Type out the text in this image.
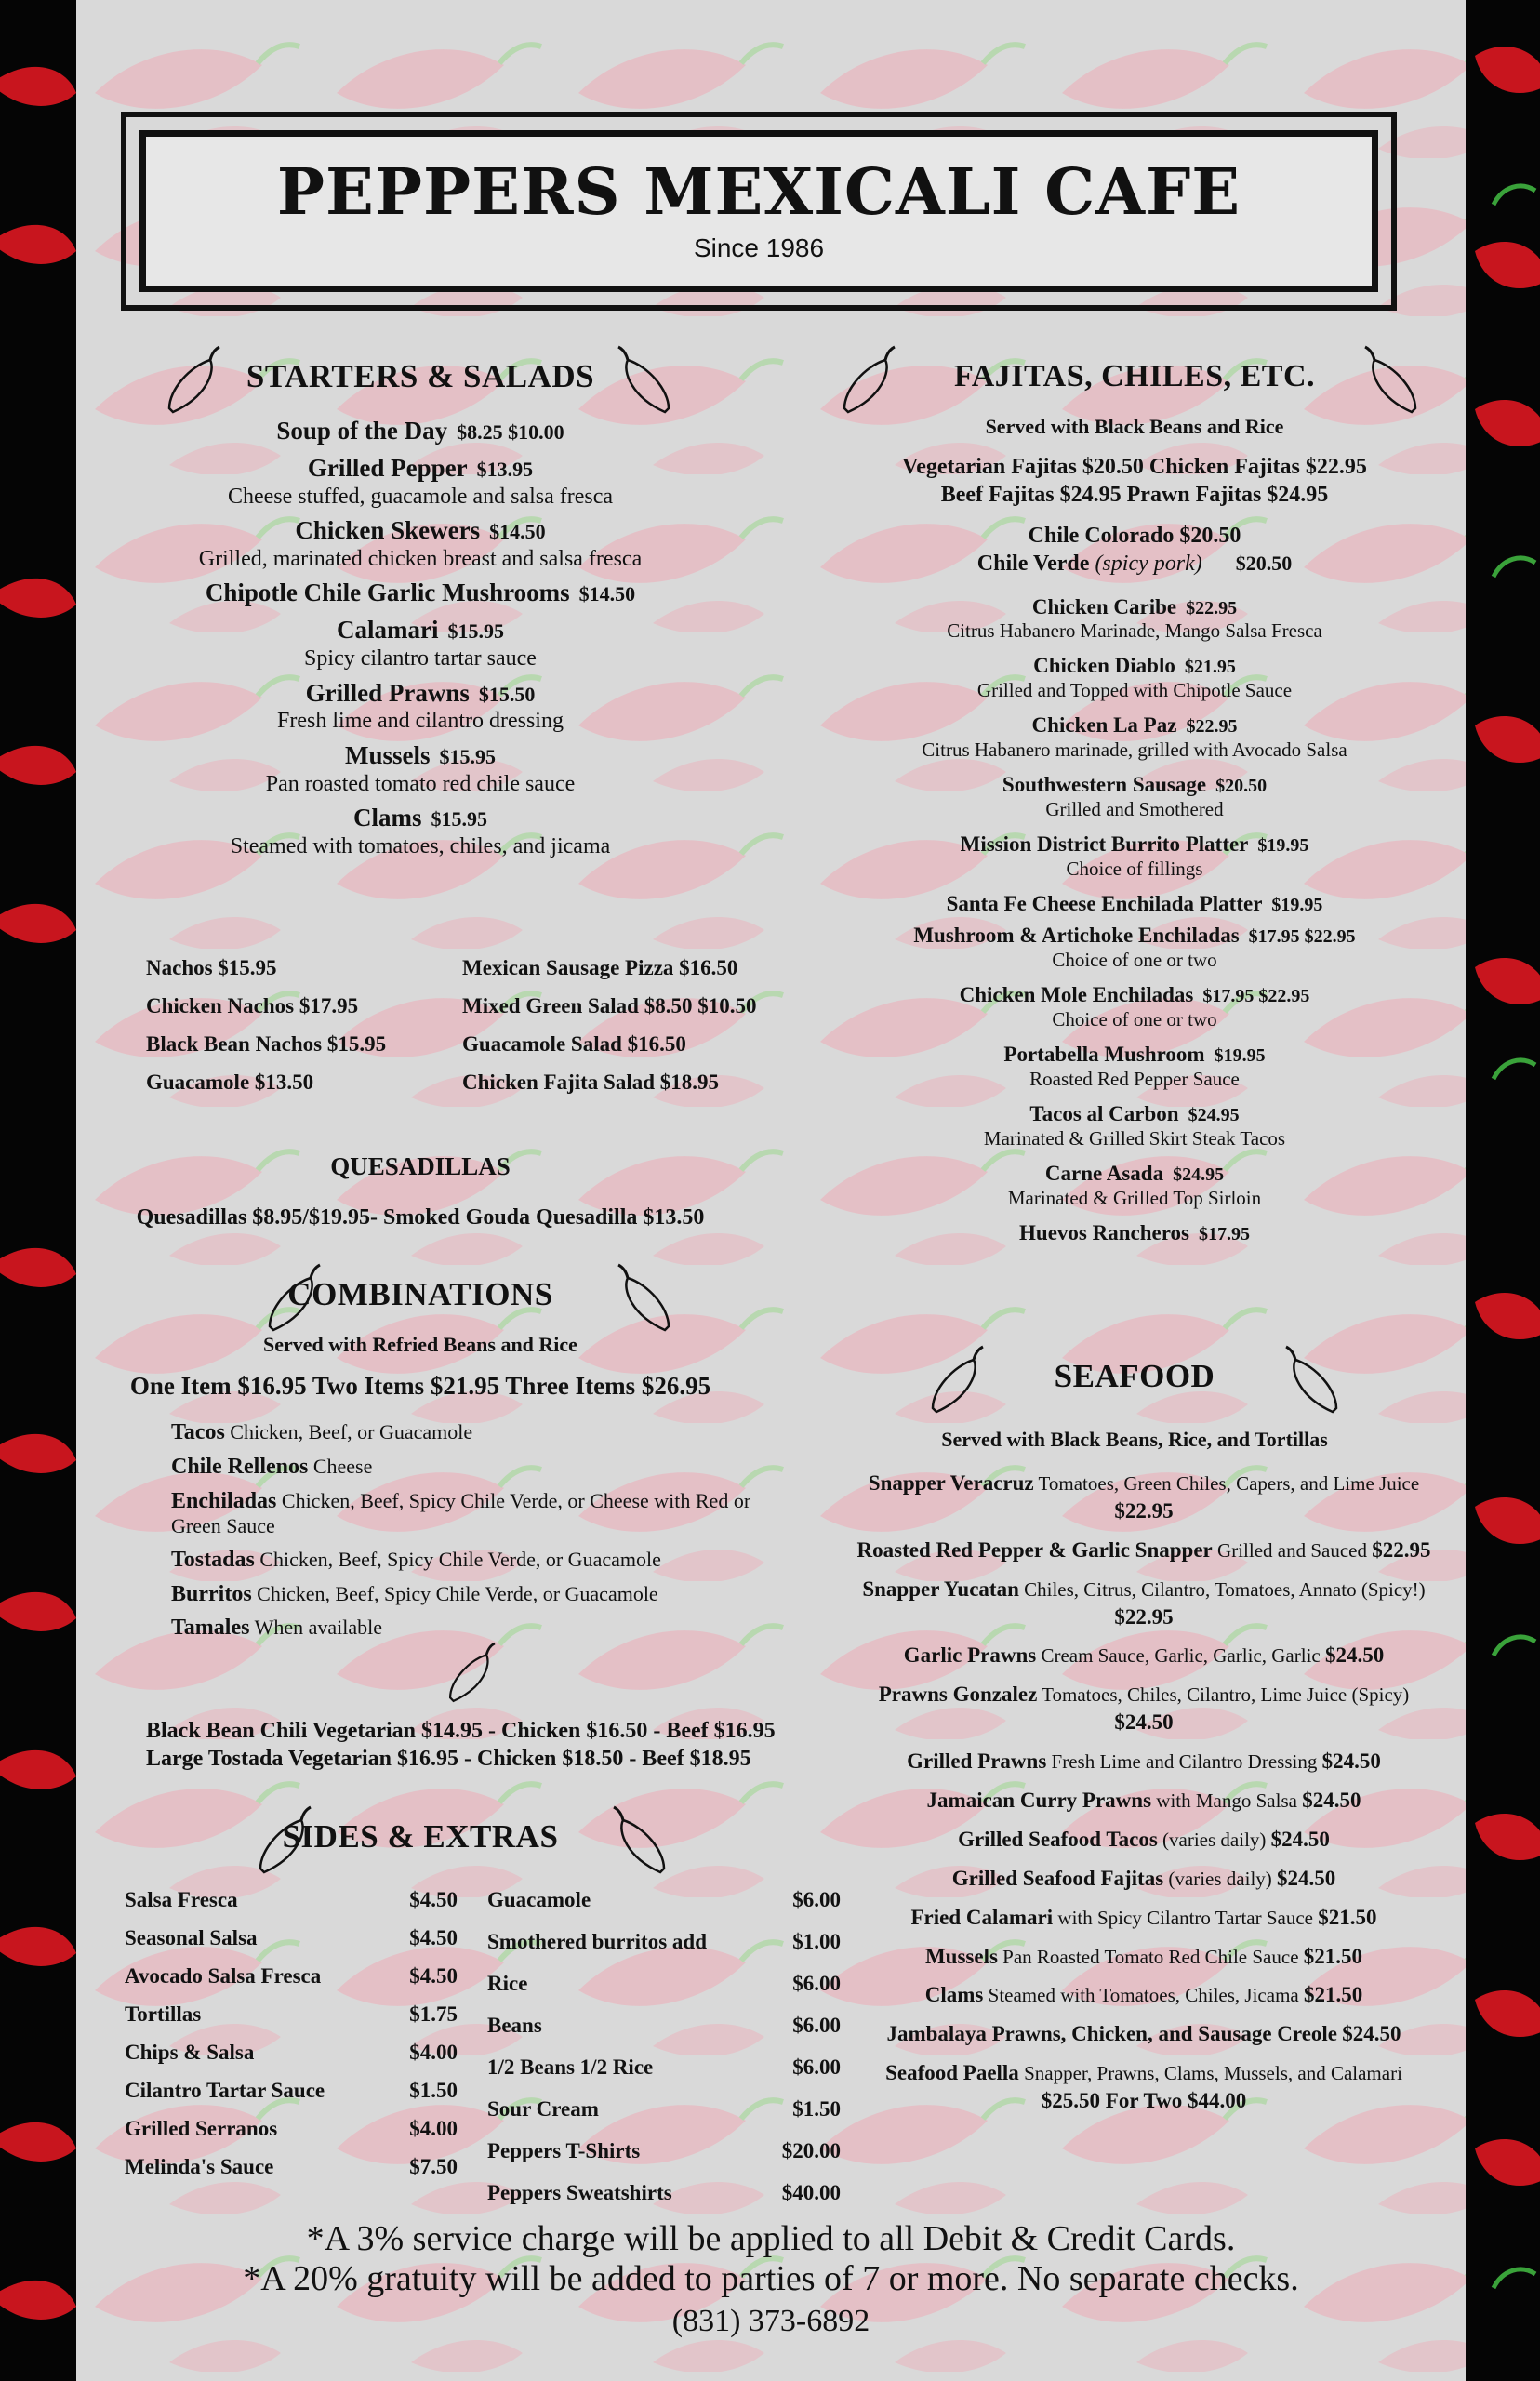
PEPPERS MEXICALI CAFE
Since 1986
STARTERS & SALADS
Soup of the Day $8.25 $10.00
Grilled Pepper $13.95
Cheese stuffed, guacamole and salsa fresca
Chicken Skewers $14.50
Grilled, marinated chicken breast and salsa fresca
Chipotle Chile Garlic Mushrooms $14.50
Calamari $15.95
Spicy cilantro tartar sauce
Grilled Prawns $15.50
Fresh lime and cilantro dressing
Mussels $15.95
Pan roasted tomato red chile sauce
Clams $15.95
Steamed with tomatoes, chiles, and jicama
Nachos $15.95
Chicken Nachos $17.95
Black Bean Nachos $15.95
Guacamole $13.50
Mexican Sausage Pizza $16.50
Mixed Green Salad $8.50 $10.50
Guacamole Salad $16.50
Chicken Fajita Salad $18.95
QUESADILLAS
Quesadillas $8.95/$19.95- Smoked Gouda Quesadilla $13.50
COMBINATIONS
Served with Refried Beans and Rice
One Item $16.95 Two Items $21.95 Three Items $26.95
Tacos Chicken, Beef, or Guacamole
Chile Rellenos Cheese
Enchiladas Chicken, Beef, Spicy Chile Verde, or Cheese with Red or Green Sauce
Tostadas Chicken, Beef, Spicy Chile Verde, or Guacamole
Burritos Chicken, Beef, Spicy Chile Verde, or Guacamole
Tamales When available
Black Bean Chili Vegetarian $14.95 - Chicken $16.50 - Beef $16.95
Large Tostada Vegetarian $16.95 - Chicken $18.50 - Beef $18.95
SIDES & EXTRAS
Salsa Fresca	$4.50
Seasonal Salsa	$4.50
Avocado Salsa Fresca	$4.50
Tortillas	$1.75
Chips & Salsa	$4.00
Cilantro Tartar Sauce	$1.50
Grilled Serranos	$4.00
Melinda's Sauce	$7.50
Guacamole	$6.00
Smothered burritos add	$1.00
Rice	$6.00
Beans	$6.00
1/2 Beans 1/2 Rice	$6.00
Sour Cream	$1.50
Peppers T-Shirts	$20.00
Peppers Sweatshirts	$40.00
FAJITAS, CHILES, ETC.
Served with Black Beans and Rice
Vegetarian Fajitas $20.50 Chicken Fajitas $22.95
Beef Fajitas $24.95 Prawn Fajitas $24.95
Chile Colorado $20.50
Chile Verde (spicy pork) $20.50
Chicken Caribe $22.95
Citrus Habanero Marinade, Mango Salsa Fresca
Chicken Diablo $21.95
Grilled and Topped with Chipotle Sauce
Chicken La Paz $22.95
Citrus Habanero marinade, grilled with Avocado Salsa
Southwestern Sausage $20.50
Grilled and Smothered
Mission District Burrito Platter $19.95
Choice of fillings
Santa Fe Cheese Enchilada Platter $19.95
Mushroom & Artichoke Enchiladas $17.95 $22.95
Choice of one or two
Chicken Mole Enchiladas $17.95 $22.95
Choice of one or two
Portabella Mushroom $19.95
Roasted Red Pepper Sauce
Tacos al Carbon $24.95
Marinated & Grilled Skirt Steak Tacos
Carne Asada $24.95
Marinated & Grilled Top Sirloin
Huevos Rancheros $17.95
SEAFOOD
Served with Black Beans, Rice, and Tortillas
Snapper Veracruz Tomatoes, Green Chiles, Capers, and Lime Juice $22.95
Roasted Red Pepper & Garlic Snapper Grilled and Sauced $22.95
Snapper Yucatan Chiles, Citrus, Cilantro, Tomatoes, Annato (Spicy!) $22.95
Garlic Prawns Cream Sauce, Garlic, Garlic, Garlic $24.50
Prawns Gonzalez Tomatoes, Chiles, Cilantro, Lime Juice (Spicy) $24.50
Grilled Prawns Fresh Lime and Cilantro Dressing $24.50
Jamaican Curry Prawns with Mango Salsa $24.50
Grilled Seafood Tacos (varies daily) $24.50
Grilled Seafood Fajitas (varies daily) $24.50
Fried Calamari with Spicy Cilantro Tartar Sauce $21.50
Mussels Pan Roasted Tomato Red Chile Sauce $21.50
Clams Steamed with Tomatoes, Chiles, Jicama $21.50
Jambalaya Prawns, Chicken, and Sausage Creole $24.50
Seafood Paella Snapper, Prawns, Clams, Mussels, and Calamari $25.50 For Two $44.00
*A 3% service charge will be applied to all Debit & Credit Cards.
*A 20% gratuity will be added to parties of 7 or more. No separate checks.
(831) 373-6892
